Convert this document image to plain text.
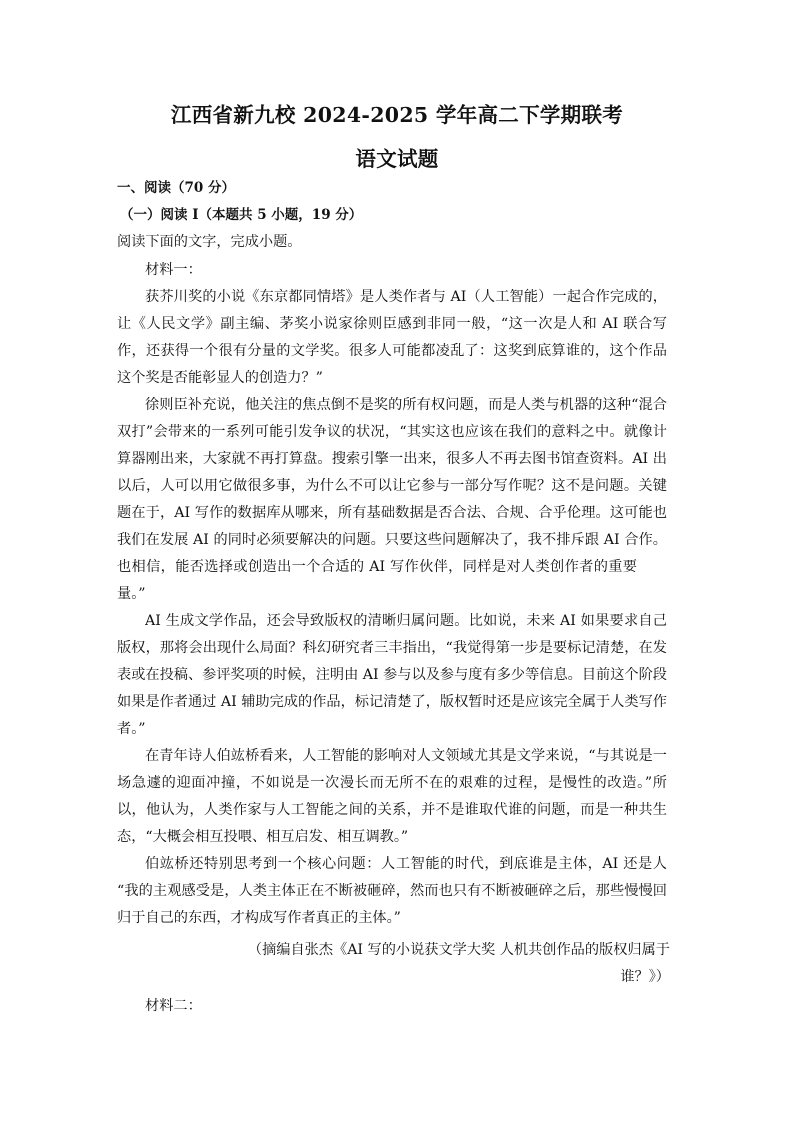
江西省新九校 2024-2025 学年高二下学期联考
语文试题
一、阅读（70 分）
（一）阅读 I（本题共 5 小题，19 分）
阅读下面的文字，完成小题。
材料一：
获芥川奖的小说《东京都同情塔》是人类作者与 AI（人工智能）一起合作完成的，
让《人民文学》副主编、茅奖小说家徐则臣感到非同一般，“这一次是人和 AI 联合写
作，还获得一个很有分量的文学奖。很多人可能都凌乱了：这奖到底算谁的，这个作品
这个奖是否能彰显人的创造力？”
徐则臣补充说，他关注的焦点倒不是奖的所有权问题，而是人类与机器的这种“混合
双打”会带来的一系列可能引发争议的状况，“其实这也应该在我们的意料之中。就像计
算器刚出来，大家就不再打算盘。搜索引擎一出来，很多人不再去图书馆查资料。AI 出
以后，人可以用它做很多事，为什么不可以让它参与一部分写作呢？这不是问题。关键
题在于，AI 写作的数据库从哪来，所有基础数据是否合法、合规、合乎伦理。这可能也
我们在发展 AI 的同时必须要解决的问题。只要这些问题解决了，我不排斥跟 AI 合作。
也相信，能否选择或创造出一个合适的 AI 写作伙伴，同样是对人类创作者的重要
量。”
AI 生成文学作品，还会导致版权的清晰归属问题。比如说，未来 AI 如果要求自己
版权，那将会出现什么局面？科幻研究者三丰指出，“我觉得第一步是要标记清楚，在发
表或在投稿、参评奖项的时候，注明由 AI 参与以及参与度有多少等信息。目前这个阶段
如果是作者通过 AI 辅助完成的作品，标记清楚了，版权暂时还是应该完全属于人类写作
者。”
在青年诗人伯竑桥看来，人工智能的影响对人文领域尤其是文学来说，“与其说是一
场急遽的迎面冲撞，不如说是一次漫长而无所不在的艰难的过程，是慢性的改造。”所
以，他认为，人类作家与人工智能之间的关系，并不是谁取代谁的问题，而是一种共生
态，“大概会相互投喂、相互启发、相互调教。”
伯竑桥还特别思考到一个核心问题：人工智能的时代，到底谁是主体，AI 还是人
“我的主观感受是，人类主体正在不断被砸碎，然而也只有不断被砸碎之后，那些慢慢回
归于自己的东西，才构成写作者真正的主体。”
（摘编自张杰《AI 写的小说获文学大奖 人机共创作品的版权归属于
谁？》）
材料二：
